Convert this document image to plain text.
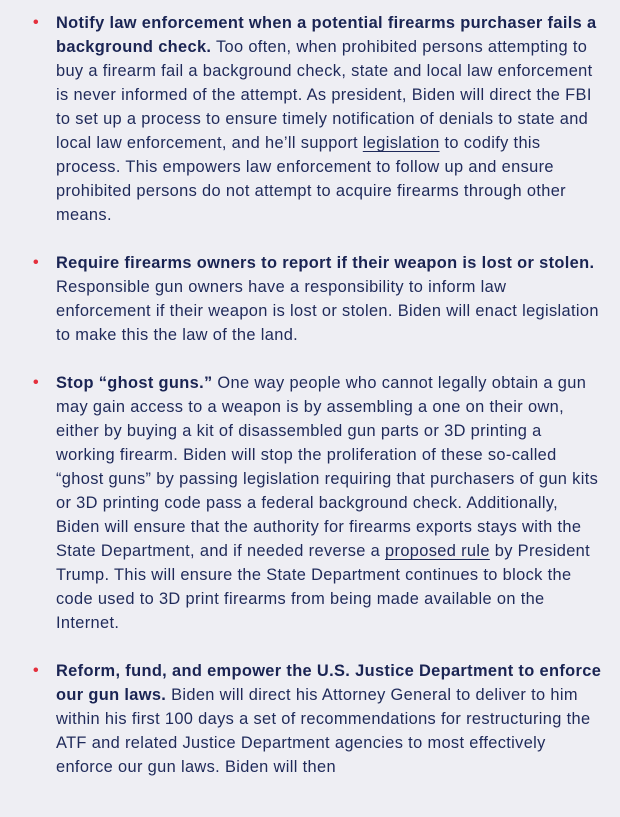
• Notify law enforcement when a potential firearms purchaser fails a background check. Too often, when prohibited persons attempting to buy a firearm fail a background check, state and local law enforcement is never informed of the attempt. As president, Biden will direct the FBI to set up a process to ensure timely notification of denials to state and local law enforcement, and he’ll support legislation to codify this process. This empowers law enforcement to follow up and ensure prohibited persons do not attempt to acquire firearms through other means.
• Require firearms owners to report if their weapon is lost or stolen. Responsible gun owners have a responsibility to inform law enforcement if their weapon is lost or stolen. Biden will enact legislation to make this the law of the land.
• Stop “ghost guns.” One way people who cannot legally obtain a gun may gain access to a weapon is by assembling a one on their own, either by buying a kit of disassembled gun parts or 3D printing a working firearm. Biden will stop the proliferation of these so-called “ghost guns” by passing legislation requiring that purchasers of gun kits or 3D printing code pass a federal background check. Additionally, Biden will ensure that the authority for firearms exports stays with the State Department, and if needed reverse a proposed rule by President Trump. This will ensure the State Department continues to block the code used to 3D print firearms from being made available on the Internet.
• Reform, fund, and empower the U.S. Justice Department to enforce our gun laws. Biden will direct his Attorney General to deliver to him within his first 100 days a set of recommendations for restructuring the ATF and related Justice Department agencies to most effectively enforce our gun laws. Biden will then
